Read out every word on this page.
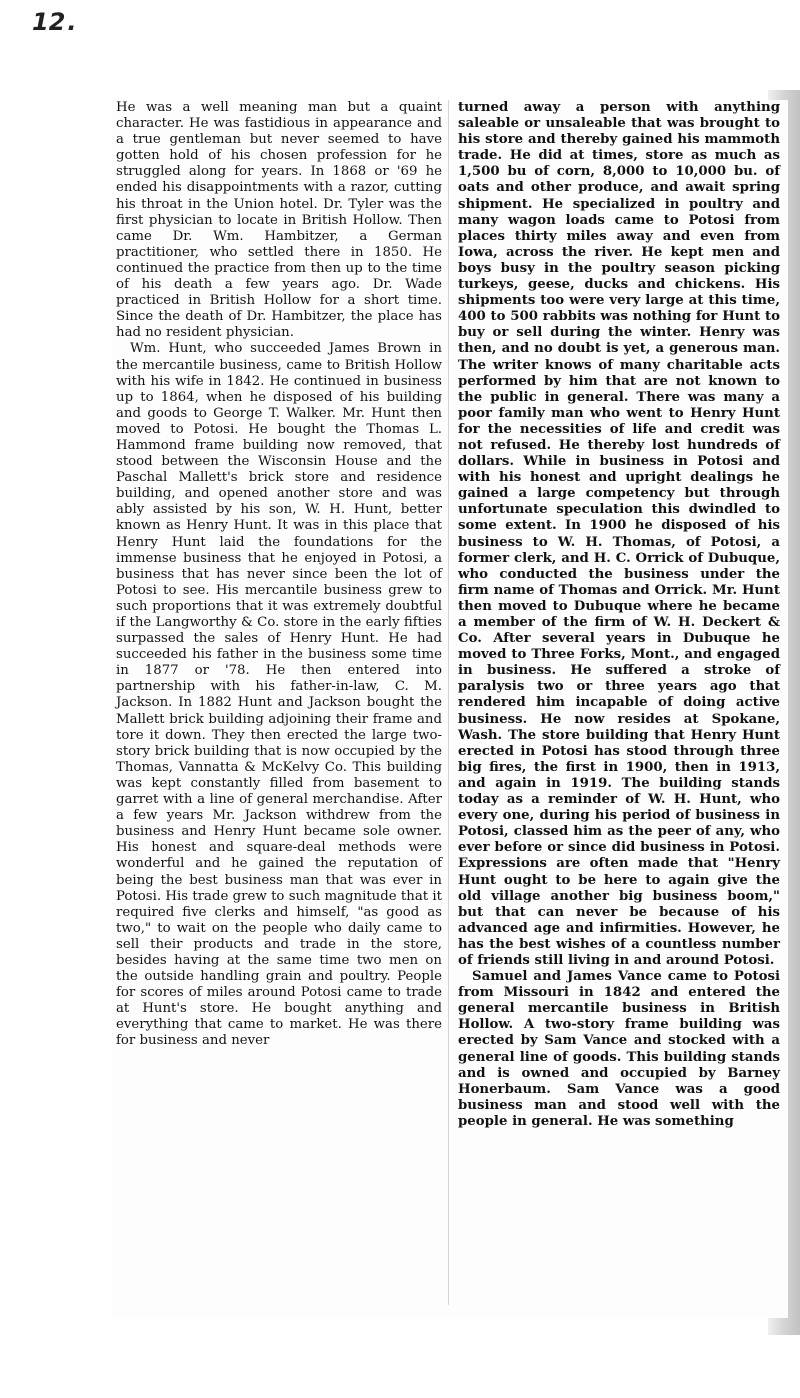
12.

He was a well meaning man but a quaint character. He was fastidious in appearance and a true gentleman but never seemed to have gotten hold of his chosen profession for he struggled along for years. In 1868 or '69 he ended his disappointments with a razor, cutting his throat in the Union hotel. Dr. Tyler was the first physician to locate in British Hollow. Then came Dr. Wm. Hambitzer, a German practitioner, who settled there in 1850. He continued the practice from then up to the time of his death a few years ago. Dr. Wade practiced in British Hollow for a short time. Since the death of Dr. Hambitzer, the place has had no resident physician.

Wm. Hunt, who succeeded James Brown in the mercantile business, came to British Hollow with his wife in 1842. He continued in business up to 1864, when he disposed of his building and goods to George T. Walker. Mr. Hunt then moved to Potosi. He bought the Thomas L. Hammond frame building now removed, that stood between the Wisconsin House and the Paschal Mallett's brick store and residence building, and opened another store and was ably assisted by his son, W. H. Hunt, better known as Henry Hunt. It was in this place that Henry Hunt laid the foundations for the immense business that he enjoyed in Potosi, a business that has never since been the lot of Potosi to see. His mercantile business grew to such proportions that it was extremely doubtful if the Langworthy & Co. store in the early fifties surpassed the sales of Henry Hunt. He had succeeded his father in the business some time in 1877 or '78. He then entered into partnership with his father-in-law, C. M. Jackson. In 1882 Hunt and Jackson bought the Mallett brick building adjoining their frame and tore it down. They then erected the large two-story brick building that is now occupied by the Thomas, Vannatta & McKelvy Co. This building was kept constantly filled from basement to garret with a line of general merchandise. After a few years Mr. Jackson withdrew from the business and Henry Hunt became sole owner. His honest and square-deal methods were wonderful and he gained the reputation of being the best business man that was ever in Potosi. His trade grew to such magnitude that it required five clerks and himself, "as good as two," to wait on the people who daily came to sell their products and trade in the store, besides having at the same time two men on the outside handling grain and poultry. People for scores of miles around Potosi came to trade at Hunt's store. He bought anything and everything that came to market. He was there for business and never

turned away a person with anything saleable or unsaleable that was brought to his store and thereby gained his mammoth trade. He did at times, store as much as 1,500 bu of corn, 8,000 to 10,000 bu. of oats and other produce, and await spring shipment. He specialized in poultry and many wagon loads came to Potosi from places thirty miles away and even from Iowa, across the river. He kept men and boys busy in the poultry season picking turkeys, geese, ducks and chickens. His shipments too were very large at this time, 400 to 500 rabbits was nothing for Hunt to buy or sell during the winter. Henry was then, and no doubt is yet, a generous man. The writer knows of many charitable acts performed by him that are not known to the public in general. There was many a poor family man who went to Henry Hunt for the necessities of life and credit was not refused. He thereby lost hundreds of dollars. While in business in Potosi and with his honest and upright dealings he gained a large competency but through unfortunate speculation this dwindled to some extent. In 1900 he disposed of his business to W. H. Thomas, of Potosi, a former clerk, and H. C. Orrick of Dubuque, who conducted the business under the firm name of Thomas and Orrick. Mr. Hunt then moved to Dubuque where he became a member of the firm of W. H. Deckert & Co. After several years in Dubuque he moved to Three Forks, Mont., and engaged in business. He suffered a stroke of paralysis two or three years ago that rendered him incapable of doing active business. He now resides at Spokane, Wash. The store building that Henry Hunt erected in Potosi has stood through three big fires, the first in 1900, then in 1913, and again in 1919. The building stands today as a reminder of W. H. Hunt, who every one, during his period of business in Potosi, classed him as the peer of any, who ever before or since did business in Potosi. Expressions are often made that "Henry Hunt ought to be here to again give the old village another big business boom," but that can never be because of his advanced age and infirmities. However, he has the best wishes of a countless number of friends still living in and around Potosi.

Samuel and James Vance came to Potosi from Missouri in 1842 and entered the general mercantile business in British Hollow. A two-story frame building was erected by Sam Vance and stocked with a general line of goods. This building stands and is owned and occupied by Barney Honerbaum. Sam Vance was a good business man and stood well with the people in general. He was something
